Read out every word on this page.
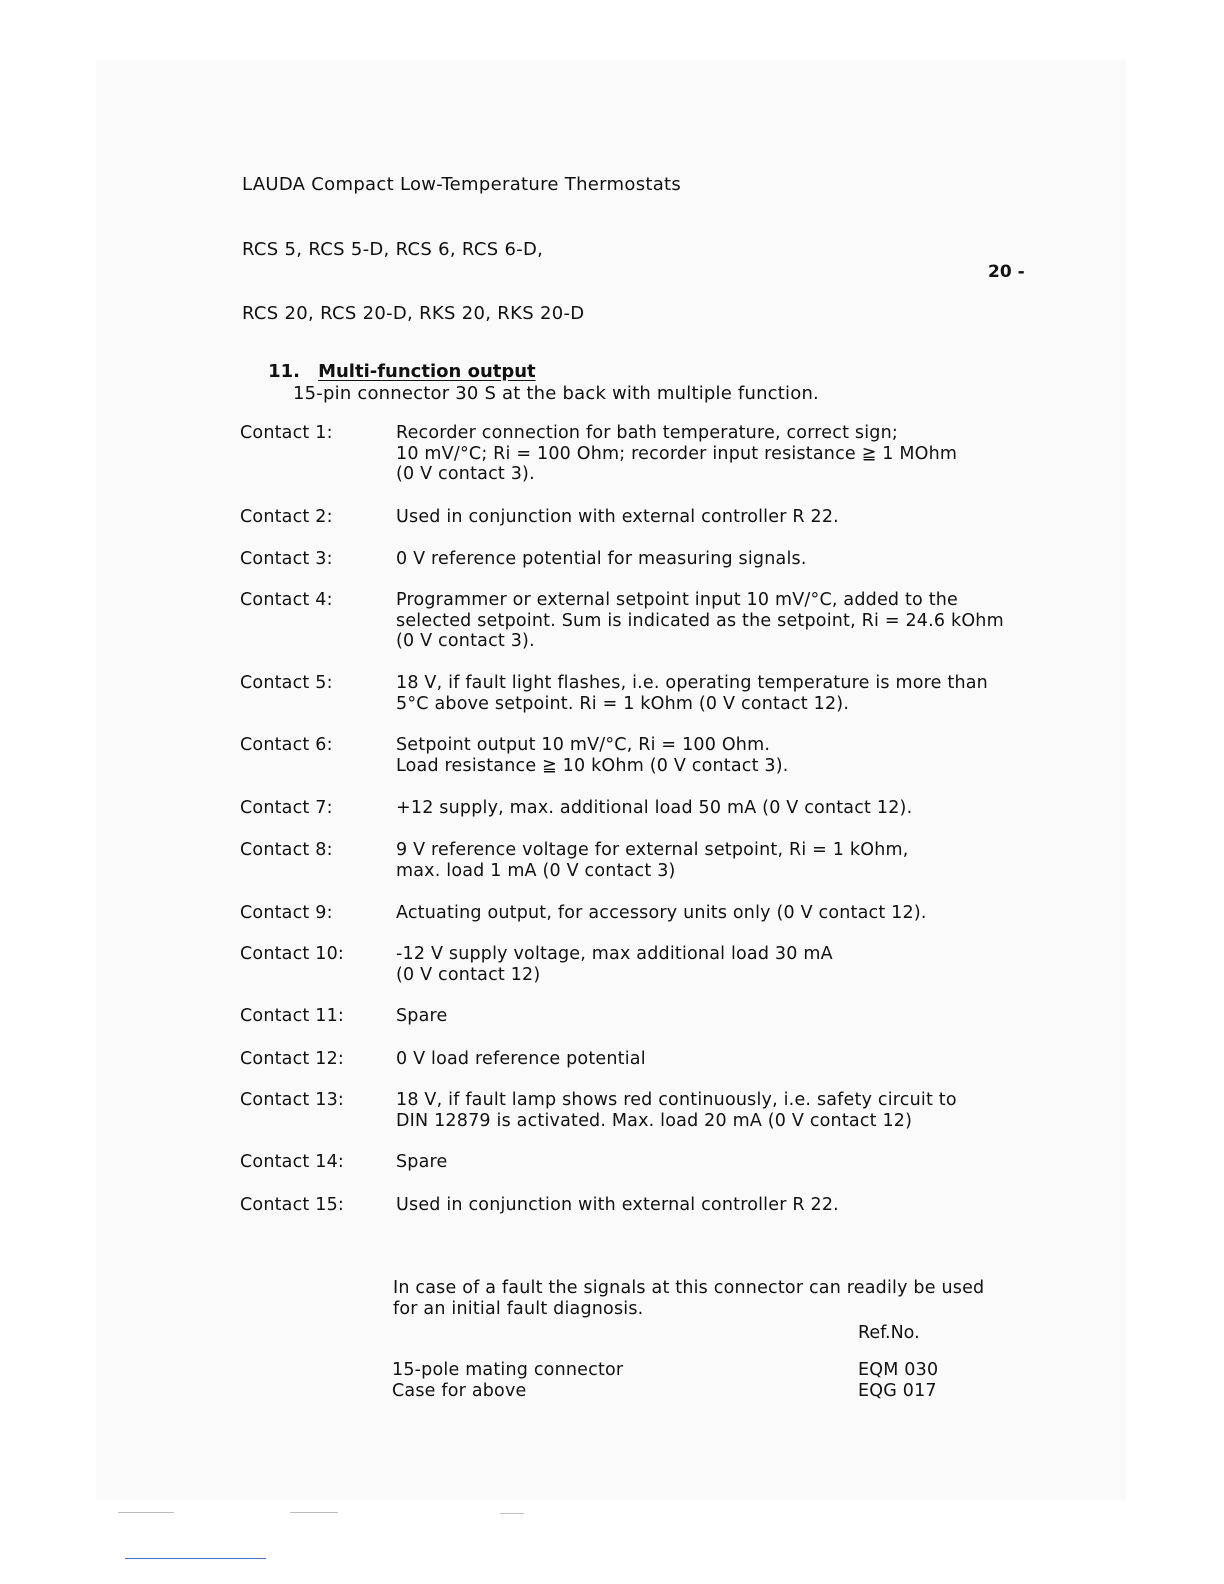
LAUDA Compact Low-Temperature Thermostats

RCS 5, RCS 5-D, RCS 6, RCS 6-D,

RCS 20, RCS 20-D, RKS 20, RKS 20-D

20 -

11. Multi-function output

15-pin connector 30 S at the back with multiple function.
Contact 1:	Recorder connection for bath temperature, correct sign;
10 mV/°C; Ri = 100 Ohm; recorder input resistance ≧ 1 MOhm
(0 V contact 3).
Contact 2:	Used in conjunction with external controller R 22.
Contact 3:	0 V reference potential for measuring signals.
Contact 4:	Programmer or external setpoint input 10 mV/°C, added to the
selected setpoint. Sum is indicated as the setpoint, Ri = 24.6 kOhm
(0 V contact 3).
Contact 5:	18 V, if fault light flashes, i.e. operating temperature is more than
5°C above setpoint. Ri = 1 kOhm (0 V contact 12).
Contact 6:	Setpoint output 10 mV/°C, Ri = 100 Ohm.
Load resistance ≧ 10 kOhm (0 V contact 3).
Contact 7:	+12 supply, max. additional load 50 mA (0 V contact 12).
Contact 8:	9 V reference voltage for external setpoint, Ri = 1 kOhm,
max. load 1 mA (0 V contact 3)
Contact 9:	Actuating output, for accessory units only (0 V contact 12).
Contact 10:	-12 V supply voltage, max additional load 30 mA
(0 V contact 12)
Contact 11:	Spare
Contact 12:	0 V load reference potential
Contact 13:	18 V, if fault lamp shows red continuously, i.e. safety circuit to
DIN 12879 is activated. Max. load 20 mA (0 V contact 12)
Contact 14:	Spare
Contact 15:	Used in conjunction with external controller R 22.
In case of a fault the signals at this connector can readily be used
for an initial fault diagnosis.
Ref.No.
15-pole mating connector	EQM 030
Case for above	EQG 017
